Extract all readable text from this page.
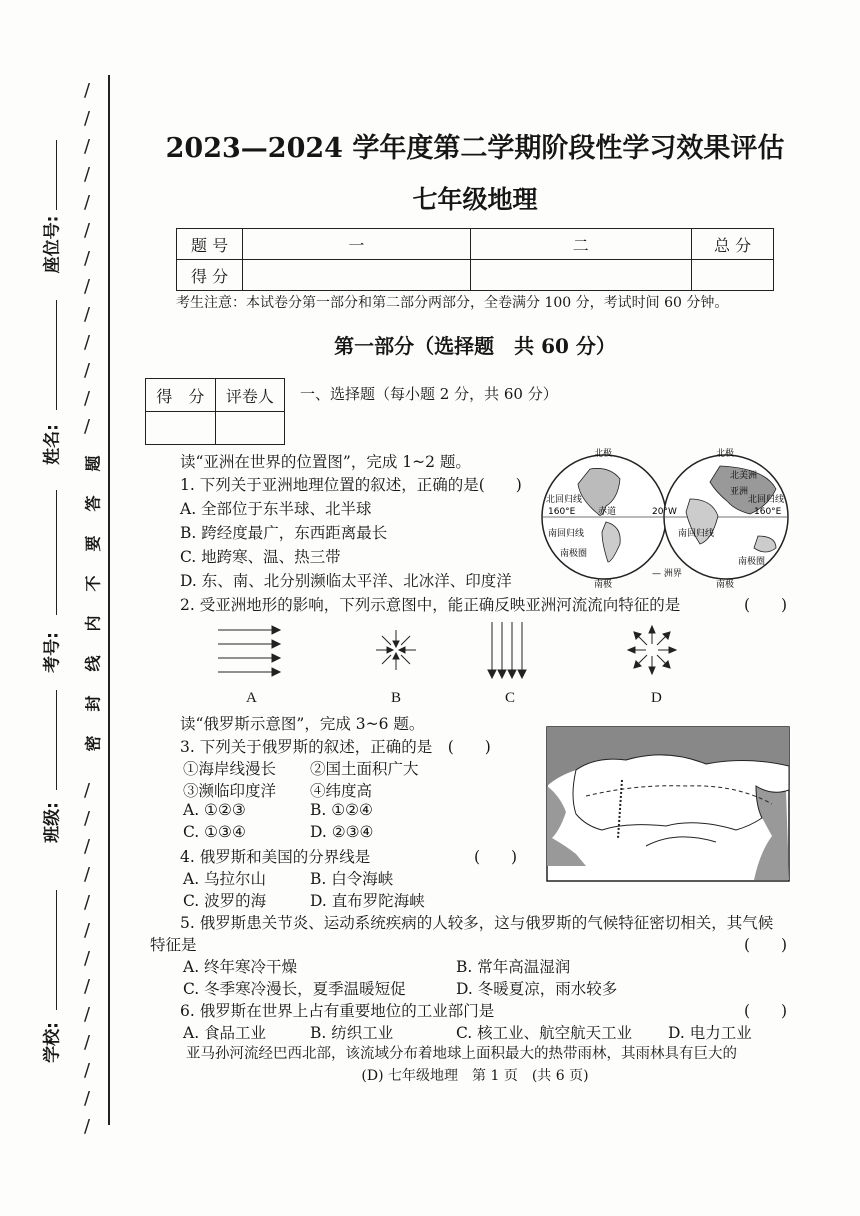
座位号:
姓名:
考号:
班级:
学校:
题
答
要
不
内
线
封
密
/
/
/
/
/
/
/
/
/
/
/
/
/
/
/
/
/
/
/
/
/
/
/
/
/
/
2023—2024 学年度第二学期阶段性学习效果评估
七年级地理
题 号	一	二	总 分
得 分			
考生注意：本试卷分第一部分和第二部分两部分，全卷满分 100 分，考试时间 60 分钟。
第一部分（选择题　共 60 分）
得　分	评卷人
	一、选择题（每小题 2 分，共 60 分）
读“亚洲在世界的位置图”，完成 1~2 题。
1. 下列关于亚洲地理位置的叙述，正确的是(　　)
A. 全部位于东半球、北半球
B. 跨经度最广，东西距离最长
C. 地跨寒、温、热三带
D. 东、南、北分别濒临太平洋、北冰洋、印度洋
北极	北极
南极	南极
北美洲
亚洲
北回归线
160°E	赤道	20°W	160°E
南回归线	南回归线
南极圈
南极圈
北回归线
— 洲界
2. 受亚洲地形的影响，下列示意图中，能正确反映亚洲河流流向特征的是	(　　)
A	B	C	D
读“俄罗斯示意图”，完成 3~6 题。
3. 下列关于俄罗斯的叙述，正确的是　(　　)
①海岸线漫长 ②国土面积广大
③濒临印度洋 ④纬度高
A. ①②③	B. ①②④
C. ①③④	D. ②③④
4. 俄罗斯和美国的分界线是	(　　)
A. 乌拉尔山	B. 白令海峡
C. 波罗的海	D. 直布罗陀海峡
5. 俄罗斯患关节炎、运动系统疾病的人较多，这与俄罗斯的气候特征密切相关，其气候
特征是	(　　)
A. 终年寒冷干燥	B. 常年高温湿润
C. 冬季寒冷漫长，夏季温暖短促	D. 冬暖夏凉，雨水较多
6. 俄罗斯在世界上占有重要地位的工业部门是	(　　)
A. 食品工业	B. 纺织工业	C. 核工业、航空航天工业 D. 电力工业
亚马孙河流经巴西北部，该流域分布着地球上面积最大的热带雨林，其雨林具有巨大的
(D) 七年级地理　第 1 页　(共 6 页)
